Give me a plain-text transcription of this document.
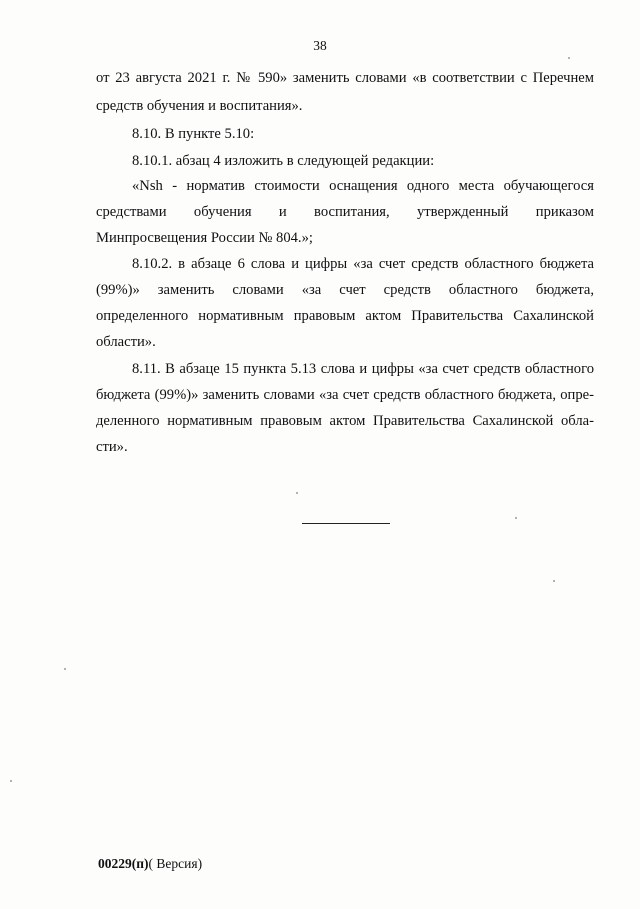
38
от 23 августа 2021 г. № 590» заменить словами «в соответствии с Перечнем
средств обучения и воспитания».
8.10. В пункте 5.10:
8.10.1. абзац 4 изложить в следующей редакции:
«Nsh - норматив стоимости оснащения одного места обучающегося
средствами обучения и воспитания, утвержденный приказом
Минпросвещения России № 804.»;
8.10.2. в абзаце 6 слова и цифры «за счет средств областного бюджета
(99%)» заменить словами «за счет средств областного бюджета,
определенного нормативным правовым актом Правительства Сахалинской
области».
8.11. В абзаце 15 пункта 5.13 слова и цифры «за счет средств областного
бюджета (99%)» заменить словами «за счет средств областного бюджета, опре-
деленного нормативным правовым актом Правительства Сахалинской обла-
сти».
00229(п)( Версия)
